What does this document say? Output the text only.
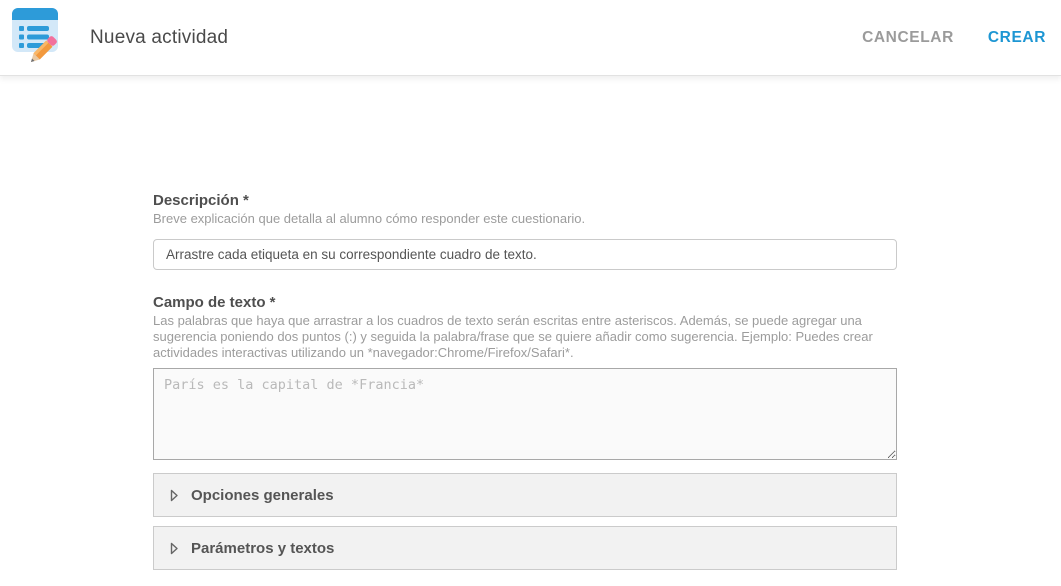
Nueva actividad	CANCELAR CREAR
Descripción *
Breve explicación que detalla al alumno cómo responder este cuestionario.
Arrastre cada etiqueta en su correspondiente cuadro de texto.
Campo de texto *
Las palabras que haya que arrastrar a los cuadros de texto serán escritas entre asteriscos. Además, se puede agregar una sugerencia poniendo dos puntos (:) y seguida la palabra/frase que se quiere añadir como sugerencia. Ejemplo: Puedes crear actividades interactivas utilizando un *navegador:Chrome/Firefox/Safari*.
París es la capital de *Francia*
Opciones generales
Parámetros y textos
